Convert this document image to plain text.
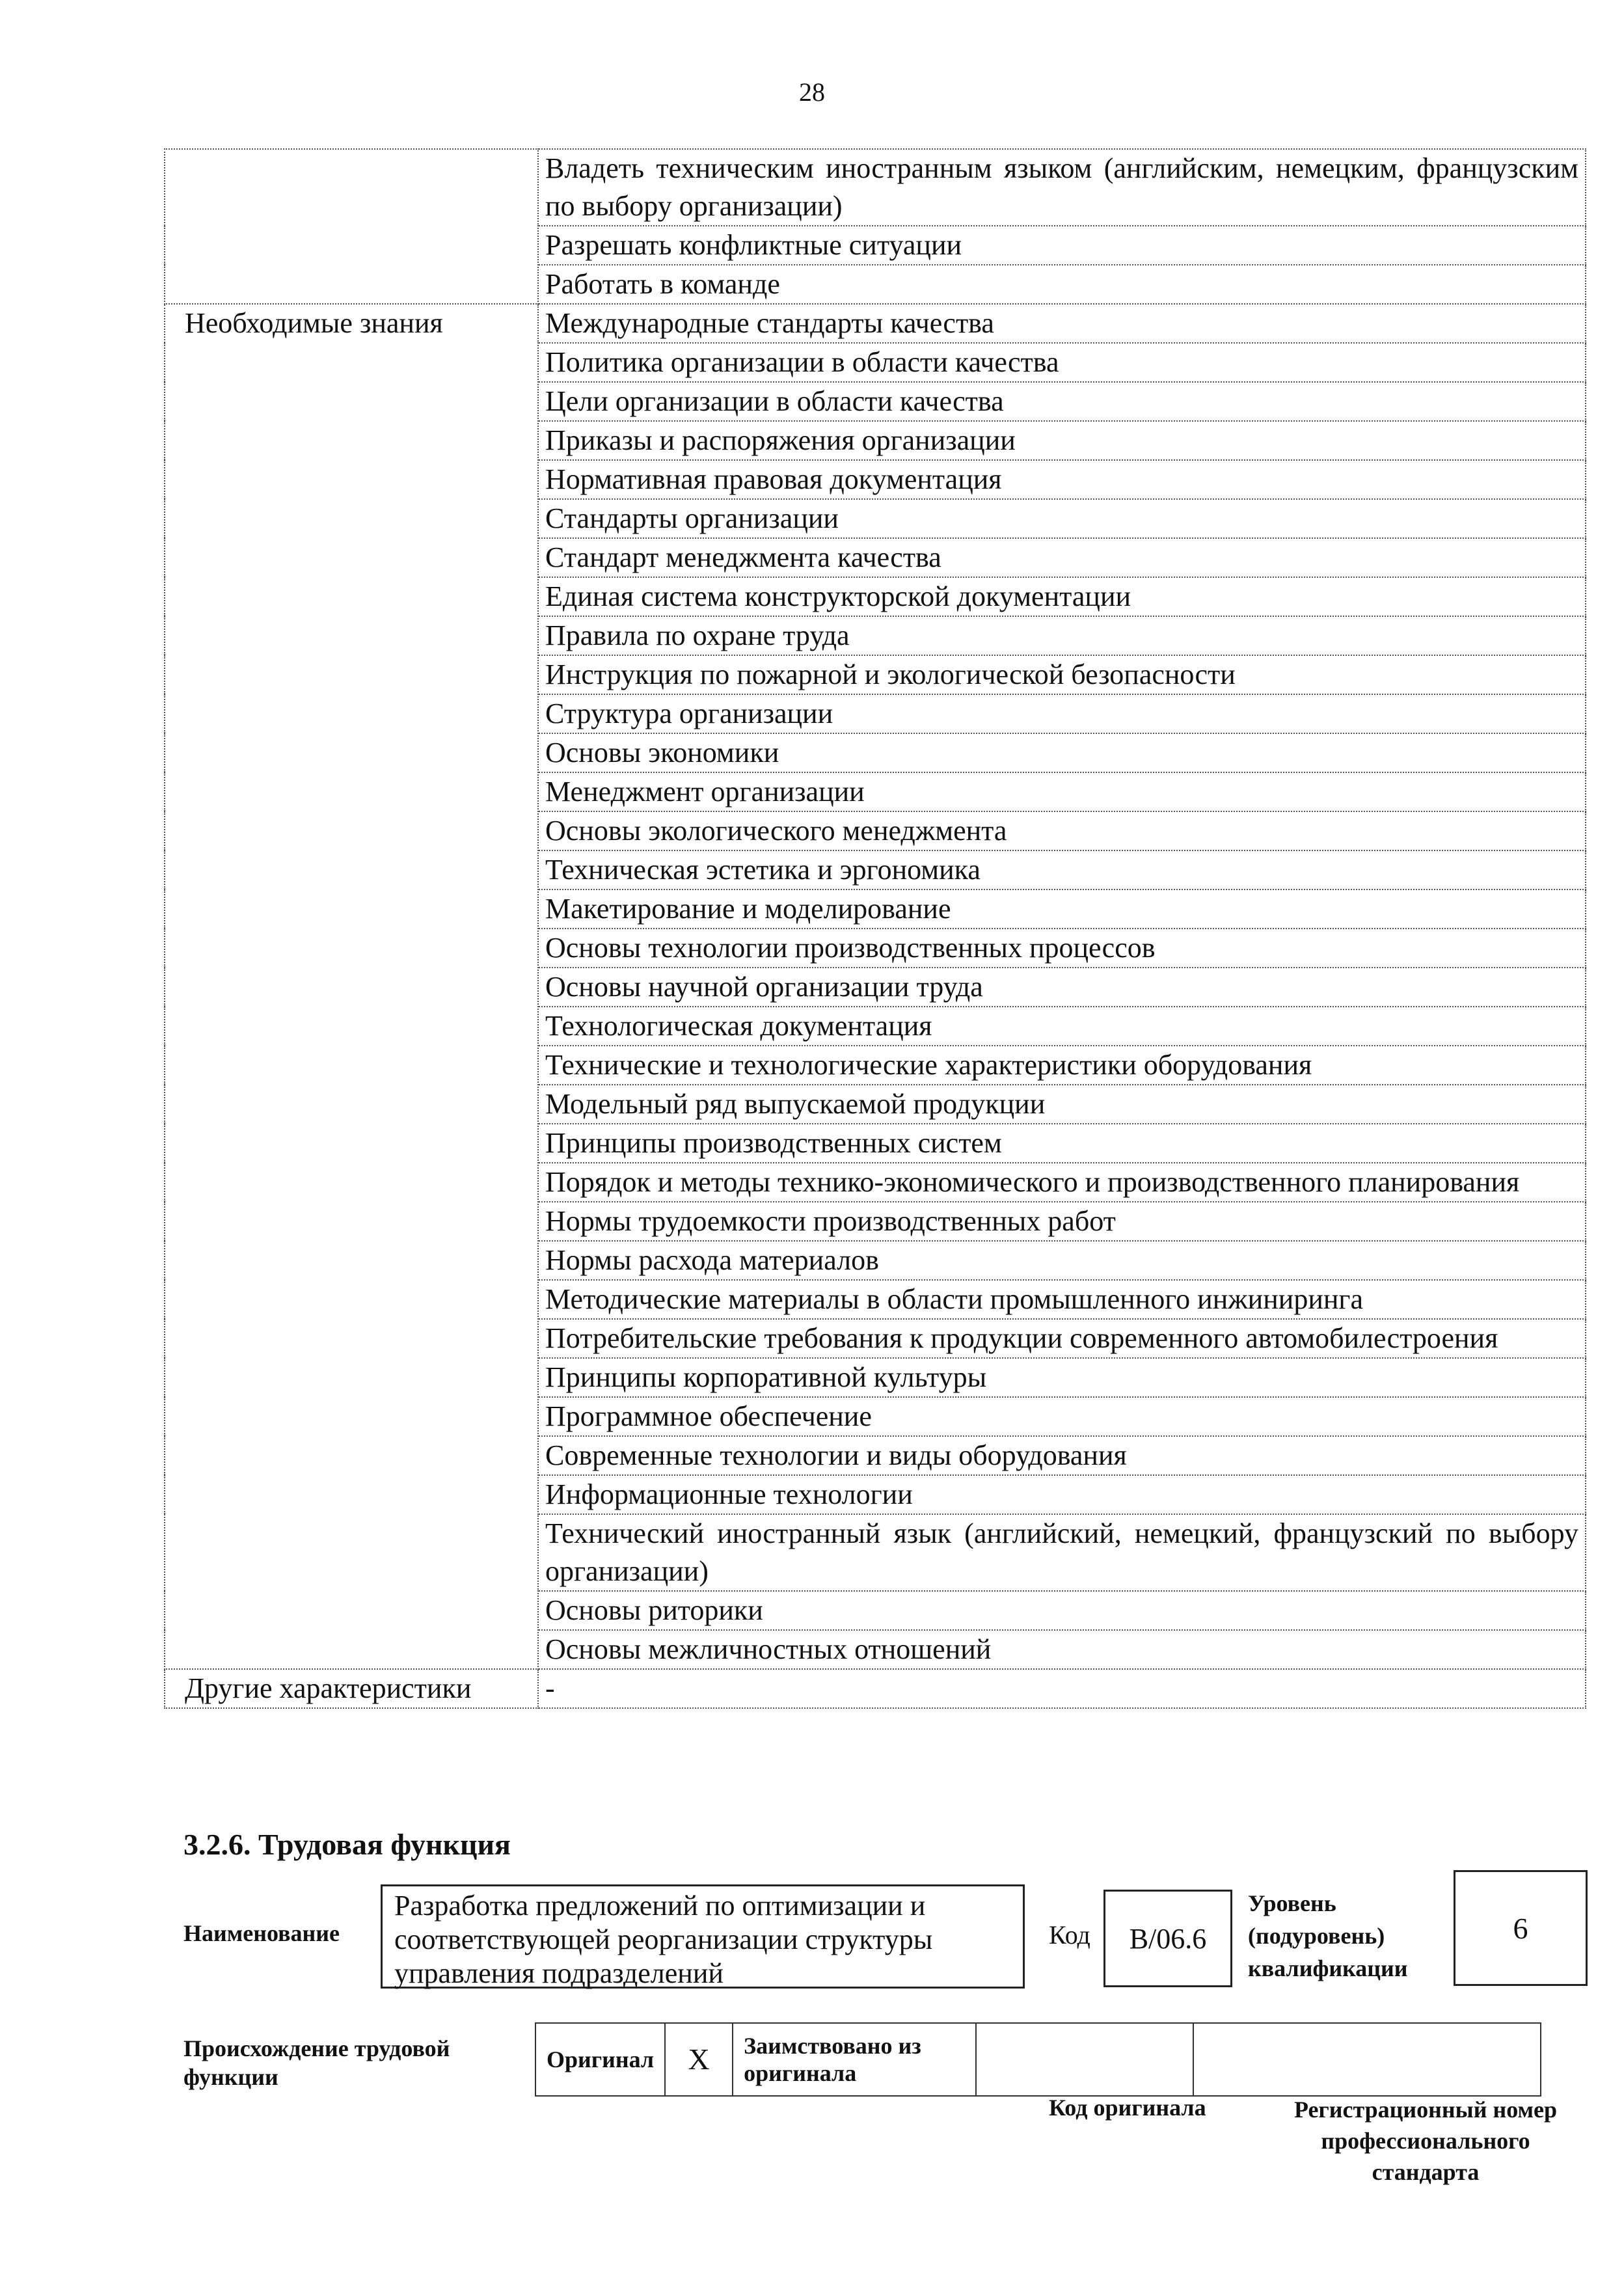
28
	Владеть техническим иностранным языком (английским, немецким, французским по выбору организации)
	Разрешать конфликтные ситуации
	Работать в команде
Необходимые знания	Международные стандарты качества
	Политика организации в области качества
	Цели организации в области качества
	Приказы и распоряжения организации
	Нормативная правовая документация
	Стандарты организации
	Стандарт менеджмента качества
	Единая система конструкторской документации
	Правила по охране труда
	Инструкция по пожарной и экологической безопасности
	Структура организации
	Основы экономики
	Менеджмент организации
	Основы экологического менеджмента
	Техническая эстетика и эргономика
	Макетирование и моделирование
	Основы технологии производственных процессов
	Основы научной организации труда
	Технологическая документация
	Технические и технологические характеристики оборудования
	Модельный ряд выпускаемой продукции
	Принципы производственных систем
	Порядок и методы технико-экономического и производственного планирования
	Нормы трудоемкости производственных работ
	Нормы расхода материалов
	Методические материалы в области промышленного инжиниринга
	Потребительские требования к продукции современного автомобилестроения
	Принципы корпоративной культуры
	Программное обеспечение
	Современные технологии и виды оборудования
	Информационные технологии
	Технический иностранный язык (английский, немецкий, французский по выбору организации)
	Основы риторики
	Основы межличностных отношений
Другие характеристики	-
3.2.6. Трудовая функция
Наименование
Разработка предложений по оптимизации и соответствующей реорганизации структуры управления подразделений
Код	B/06.6
Уровень
(подуровень)
квалификации
6
Происхождение трудовой функции
Оригинал	X	Заимствовано из оригинала		
Код оригинала	Регистрационный номер профессионального стандарта
